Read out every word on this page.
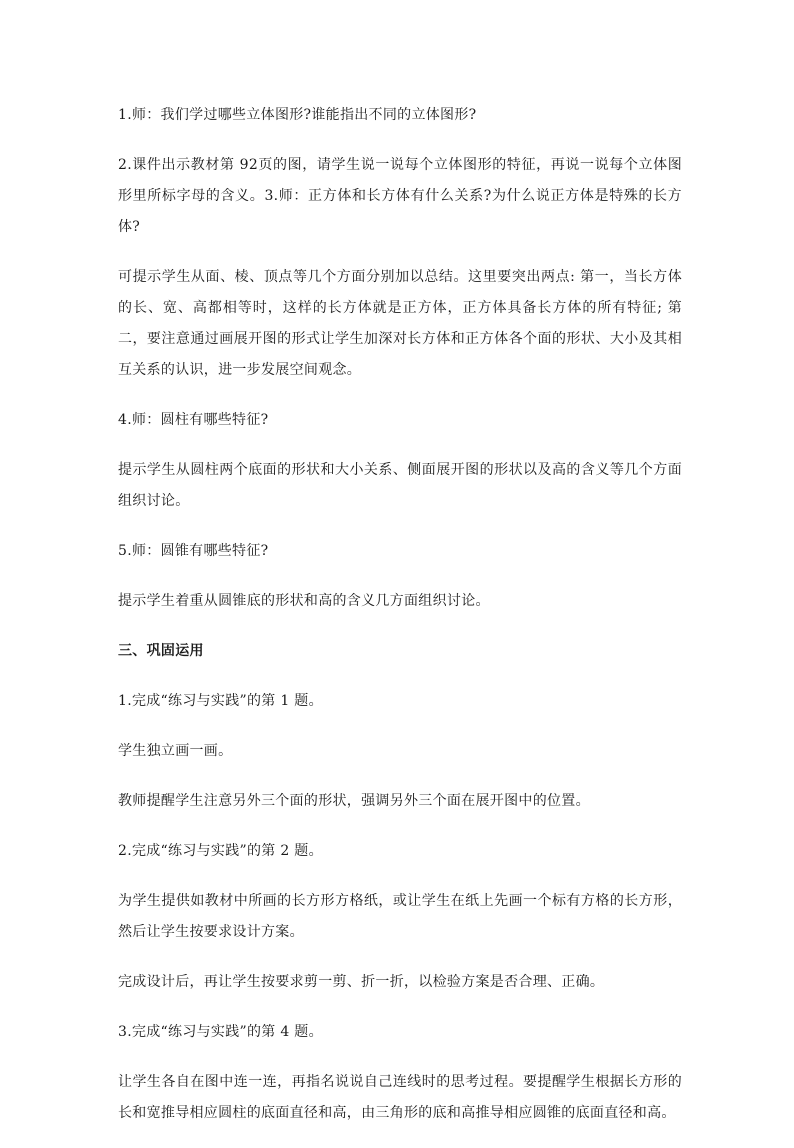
1.师：我们学过哪些立体图形?谁能指出不同的立体图形?

2.课件出示教材第 92页的图，请学生说一说每个立体图形的特征，再说一说每个立体图形里所标字母的含义。3.师：正方体和长方体有什么关系?为什么说正方体是特殊的长方体?

可提示学生从面、棱、顶点等几个方面分别加以总结。这里要突出两点: 第一，当长方体的长、宽、高都相等时，这样的长方体就是正方体，正方体具备长方体的所有特征; 第二，要注意通过画展开图的形式让学生加深对长方体和正方体各个面的形状、大小及其相互关系的认识，进一步发展空间观念。

4.师：圆柱有哪些特征?

提示学生从圆柱两个底面的形状和大小关系、侧面展开图的形状以及高的含义等几个方面组织讨论。

5.师：圆锥有哪些特征?

提示学生着重从圆锥底的形状和高的含义几方面组织讨论。

三、巩固运用

1.完成“练习与实践”的第 1 题。

学生独立画一画。

教师提醒学生注意另外三个面的形状，强调另外三个面在展开图中的位置。

2.完成“练习与实践”的第 2 题。

为学生提供如教材中所画的长方形方格纸，或让学生在纸上先画一个标有方格的长方形，然后让学生按要求设计方案。

完成设计后，再让学生按要求剪一剪、折一折，以检验方案是否合理、正确。

3.完成“练习与实践”的第 4 题。

让学生各自在图中连一连，再指名说说自己连线时的思考过程。要提醒学生根据长方形的长和宽推导相应圆柱的底面直径和高，由三角形的底和高推导相应圆锥的底面直径和高。
